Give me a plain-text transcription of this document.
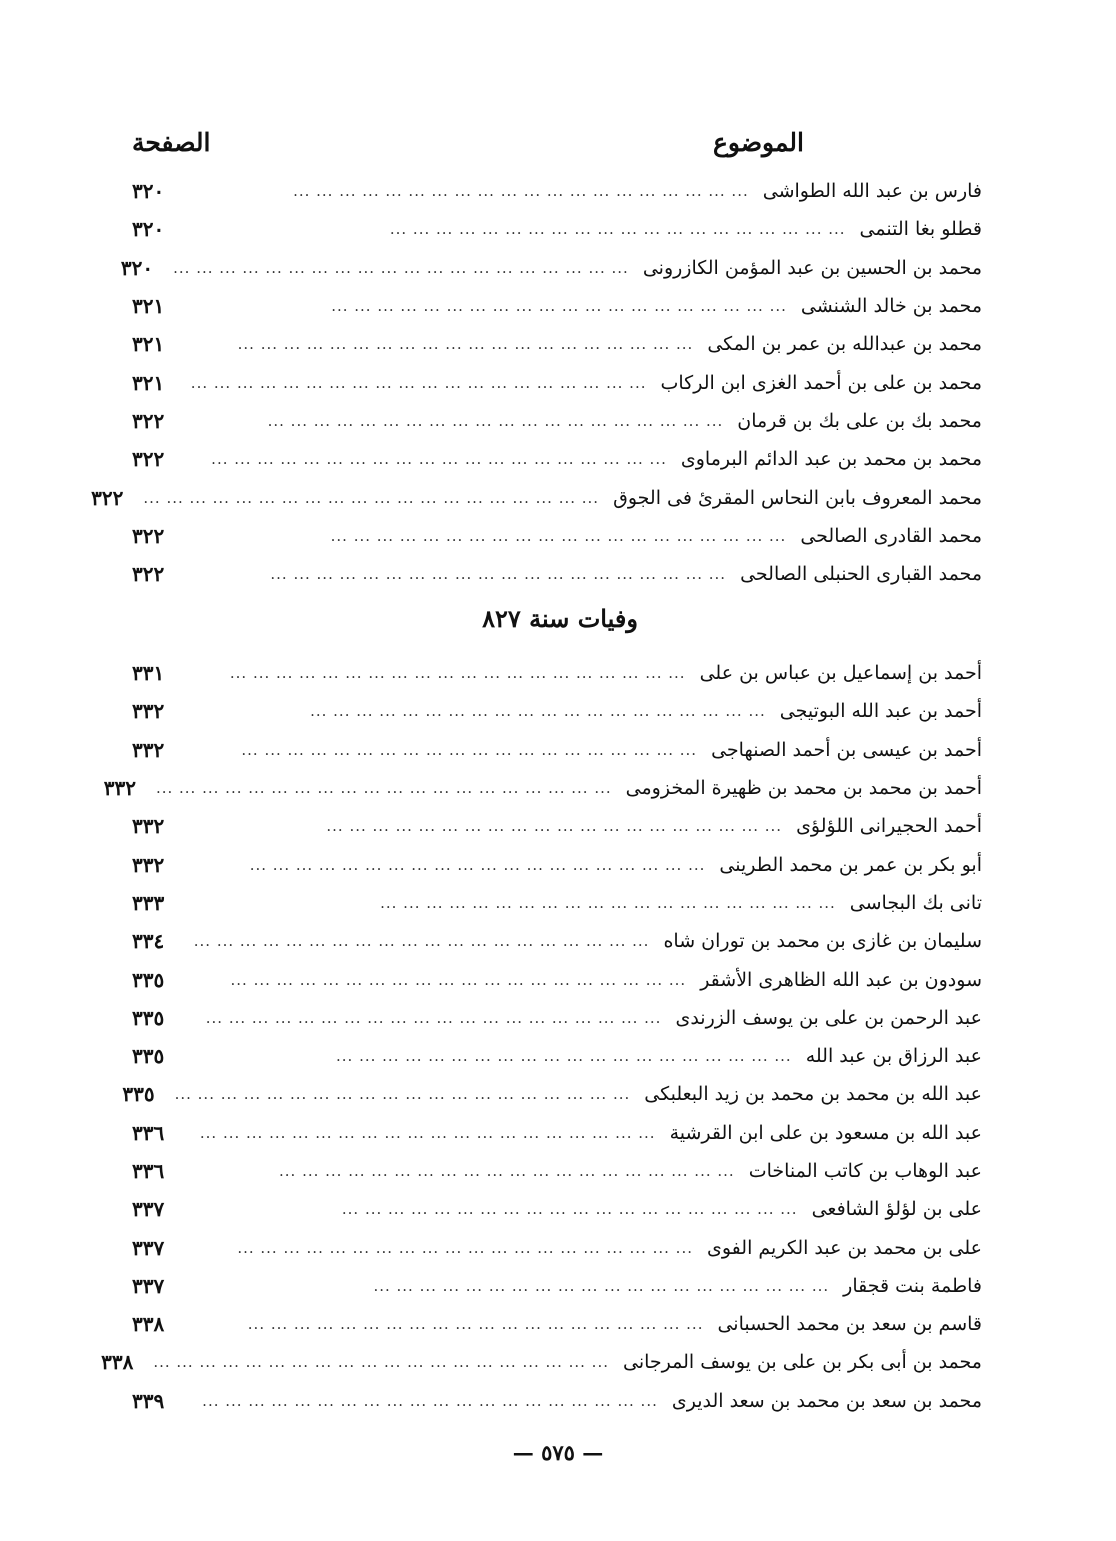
الموضوع
الصفحة
فارس بن عبد الله الطواشى
... ... ... ... ... ... ... ... ... ... ... ... ... ... ... ... ... ... ... ...
٣٢٠
قطلو بغا التنمى
... ... ... ... ... ... ... ... ... ... ... ... ... ... ... ... ... ... ... ...
٣٢٠
محمد بن الحسين بن عبد المؤمن الكازرونى
... ... ... ... ... ... ... ... ... ... ... ... ... ... ... ... ... ... ... ...
٣٢٠
محمد بن خالد الشنشى
... ... ... ... ... ... ... ... ... ... ... ... ... ... ... ... ... ... ... ...
٣٢١
محمد بن عبدالله بن عمر بن المكى
... ... ... ... ... ... ... ... ... ... ... ... ... ... ... ... ... ... ... ...
٣٢١
محمد بن على بن أحمد الغزى ابن الركاب
... ... ... ... ... ... ... ... ... ... ... ... ... ... ... ... ... ... ... ...
٣٢١
محمد بك بن على بك بن قرمان
... ... ... ... ... ... ... ... ... ... ... ... ... ... ... ... ... ... ... ...
٣٢٢
محمد بن محمد بن عبد الدائم البرماوى
... ... ... ... ... ... ... ... ... ... ... ... ... ... ... ... ... ... ... ...
٣٢٢
محمد المعروف بابن النحاس المقرئ فى الجوق
... ... ... ... ... ... ... ... ... ... ... ... ... ... ... ... ... ... ... ...
٣٢٢
محمد القادرى الصالحى
... ... ... ... ... ... ... ... ... ... ... ... ... ... ... ... ... ... ... ...
٣٢٢
محمد القبارى الحنبلى الصالحى
... ... ... ... ... ... ... ... ... ... ... ... ... ... ... ... ... ... ... ...
٣٢٢
وفيات سنة ٨٢٧
أحمد بن إسماعيل بن عباس بن على
... ... ... ... ... ... ... ... ... ... ... ... ... ... ... ... ... ... ... ...
٣٣١
أحمد بن عبد الله البوتيجى
... ... ... ... ... ... ... ... ... ... ... ... ... ... ... ... ... ... ... ...
٣٣٢
أحمد بن عيسى بن أحمد الصنهاجى
... ... ... ... ... ... ... ... ... ... ... ... ... ... ... ... ... ... ... ...
٣٣٢
أحمد بن محمد بن محمد بن ظهيرة المخزومى
... ... ... ... ... ... ... ... ... ... ... ... ... ... ... ... ... ... ... ...
٣٣٢
أحمد الحجيرانى اللؤلؤى
... ... ... ... ... ... ... ... ... ... ... ... ... ... ... ... ... ... ... ...
٣٣٢
أبو بكر بن عمر بن محمد الطرينى
... ... ... ... ... ... ... ... ... ... ... ... ... ... ... ... ... ... ... ...
٣٣٢
تانى بك البجاسى
... ... ... ... ... ... ... ... ... ... ... ... ... ... ... ... ... ... ... ...
٣٣٣
سليمان بن غازى بن محمد بن توران شاه
... ... ... ... ... ... ... ... ... ... ... ... ... ... ... ... ... ... ... ...
٣٣٤
سودون بن عبد الله الظاهرى الأشقر
... ... ... ... ... ... ... ... ... ... ... ... ... ... ... ... ... ... ... ...
٣٣٥
عبد الرحمن بن على بن يوسف الزرندى
... ... ... ... ... ... ... ... ... ... ... ... ... ... ... ... ... ... ... ...
٣٣٥
عبد الرزاق بن عبد الله
... ... ... ... ... ... ... ... ... ... ... ... ... ... ... ... ... ... ... ...
٣٣٥
عبد الله بن محمد بن محمد بن زيد البعلبكى
... ... ... ... ... ... ... ... ... ... ... ... ... ... ... ... ... ... ... ...
٣٣٥
عبد الله بن مسعود بن على ابن القرشية
... ... ... ... ... ... ... ... ... ... ... ... ... ... ... ... ... ... ... ...
٣٣٦
عبد الوهاب بن كاتب المناخات
... ... ... ... ... ... ... ... ... ... ... ... ... ... ... ... ... ... ... ...
٣٣٦
على بن لؤلؤ الشافعى
... ... ... ... ... ... ... ... ... ... ... ... ... ... ... ... ... ... ... ...
٣٣٧
على بن محمد بن عبد الكريم الفوى
... ... ... ... ... ... ... ... ... ... ... ... ... ... ... ... ... ... ... ...
٣٣٧
فاطمة بنت قجقار
... ... ... ... ... ... ... ... ... ... ... ... ... ... ... ... ... ... ... ...
٣٣٧
قاسم بن سعد بن محمد الحسبانى
... ... ... ... ... ... ... ... ... ... ... ... ... ... ... ... ... ... ... ...
٣٣٨
محمد بن أبى بكر بن على بن يوسف المرجانى
... ... ... ... ... ... ... ... ... ... ... ... ... ... ... ... ... ... ... ...
٣٣٨
محمد بن سعد بن محمد بن سعد الديرى
... ... ... ... ... ... ... ... ... ... ... ... ... ... ... ... ... ... ... ...
٣٣٩
— ٥٧٥ —
